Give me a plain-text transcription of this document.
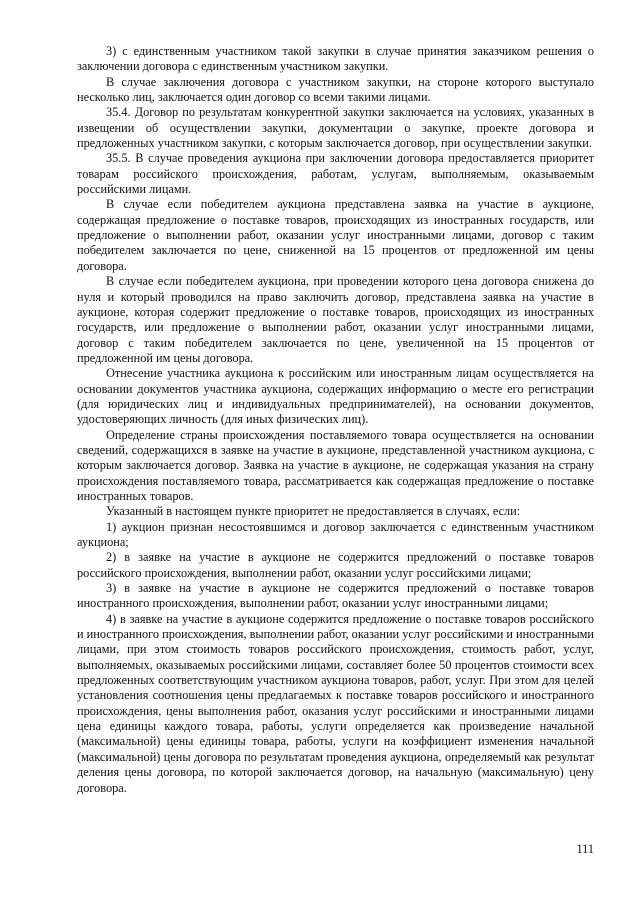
3) с единственным участником такой закупки в случае принятия заказчиком решения о заключении договора с единственным участником закупки.

В случае заключения договора с участником закупки, на стороне которого выступало несколько лиц, заключается один договор со всеми такими лицами.

35.4. Договор по результатам конкурентной закупки заключается на условиях, указанных в извещении об осуществлении закупки, документации о закупке, проекте договора и предложенных участником закупки, с которым заключается договор, при осуществлении закупки.

35.5. В случае проведения аукциона при заключении договора предоставляется приоритет товарам российского происхождения, работам, услугам, выполняемым, оказываемым российскими лицами.

В случае если победителем аукциона представлена заявка на участие в аукционе, содержащая предложение о поставке товаров, происходящих из иностранных государств, или предложение о выполнении работ, оказании услуг иностранными лицами, договор с таким победителем заключается по цене, сниженной на 15 процентов от предложенной им цены договора.

В случае если победителем аукциона, при проведении которого цена договора снижена до нуля и который проводился на право заключить договор, представлена заявка на участие в аукционе, которая содержит предложение о поставке товаров, происходящих из иностранных государств, или предложение о выполнении работ, оказании услуг иностранными лицами, договор с таким победителем заключается по цене, увеличенной на 15 процентов от предложенной им цены договора.

Отнесение участника аукциона к российским или иностранным лицам осуществляется на основании документов участника аукциона, содержащих информацию о месте его регистрации (для юридических лиц и индивидуальных предпринимателей), на основании документов, удостоверяющих личность (для иных физических лиц).

Определение страны происхождения поставляемого товара осуществляется на основании сведений, содержащихся в заявке на участие в аукционе, представленной участником аукциона, с которым заключается договор. Заявка на участие в аукционе, не содержащая указания на страну происхождения поставляемого товара, рассматривается как содержащая предложение о поставке иностранных товаров.

Указанный в настоящем пункте приоритет не предоставляется в случаях, если:

1) аукцион признан несостоявшимся и договор заключается с единственным участником аукциона;

2) в заявке на участие в аукционе не содержится предложений о поставке товаров российского происхождения, выполнении работ, оказании услуг российскими лицами;

3) в заявке на участие в аукционе не содержится предложений о поставке товаров иностранного происхождения, выполнении работ, оказании услуг иностранными лицами;

4) в заявке на участие в аукционе содержится предложение о поставке товаров российского и иностранного происхождения, выполнении работ, оказании услуг российскими и иностранными лицами, при этом стоимость товаров российского происхождения, стоимость работ, услуг, выполняемых, оказываемых российскими лицами, составляет более 50 процентов стоимости всех предложенных соответствующим участником аукциона товаров, работ, услуг. При этом для целей установления соотношения цены предлагаемых к поставке товаров российского и иностранного происхождения, цены выполнения работ, оказания услуг российскими и иностранными лицами цена единицы каждого товара, работы, услуги определяется как произведение начальной (максимальной) цены единицы товара, работы, услуги на коэффициент изменения начальной (максимальной) цены договора по результатам проведения аукциона, определяемый как результат деления цены договора, по которой заключается договор, на начальную (максимальную) цену договора.

111
